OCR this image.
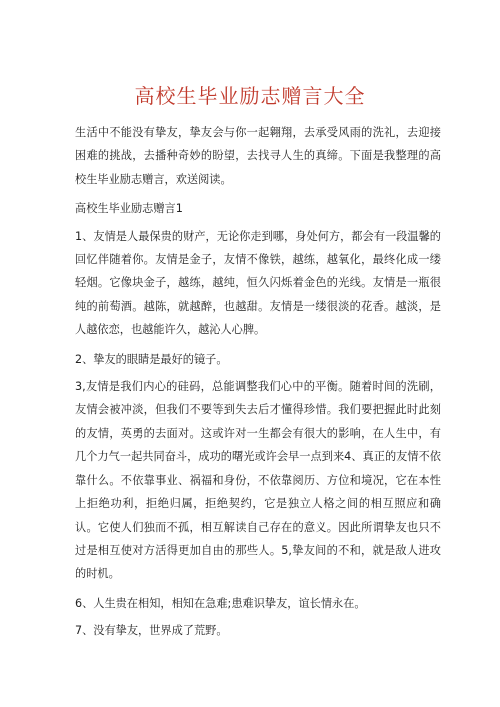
高校生毕业励志赠言大全

生活中不能没有挚友，挚友会与你一起翱翔，去承受风雨的洗礼，去迎接困难的挑战，去播种奇妙的盼望，去找寻人生的真缔。下面是我整理的高校生毕业励志赠言，欢送阅读。

高校生毕业励志赠言1

1、友情是人最保贵的财产，无论你走到哪，身处何方，都会有一段温馨的回忆伴随着你。友情是金子，友情不像铁，越练，越氧化，最终化成一缕轻烟。它像块金子，越练，越纯，恒久闪烁着金色的光线。友情是一瓶很纯的前萄酒。越陈，就越醉，也越甜。友情是一缕很淡的花香。越淡，是人越依恋，也越能许久，越沁人心脾。

2、挚友的眼睛是最好的镜子。

3,友情是我们内心的硅码，总能调整我们心中的平衡。随着时间的洗刷，友情会被冲淡，但我们不要等到失去后才懂得珍惜。我们要把握此时此刻的友情，英勇的去面对。这或许对一生都会有很大的影响，在人生中，有几个力气一起共同奋斗，成功的曙光或许会早一点到来4、真正的友情不依靠什么。不依靠事业、祸福和身份，不依靠阅历、方位和境况，它在本性上拒绝功利，拒绝归属，拒绝契约，它是独立人格之间的相互照应和确认。它使人们独而不孤，相互解读自己存在的意义。因此所谓挚友也只不过是相互使对方活得更加自由的那些人。5,挚友间的不和，就是敌人进攻的时机。

6、人生贵在相知，相知在急难;患难识挚友，谊长情永在。

7、没有挚友，世界成了荒野。
